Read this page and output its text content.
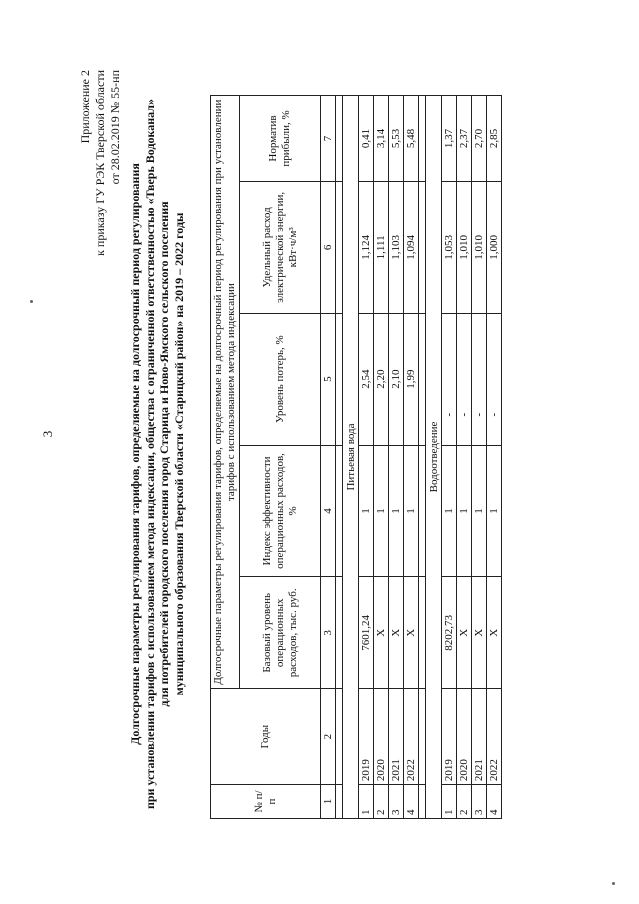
3
Приложение 2 к приказу ГУ РЭК Тверской области от 28.02.2019 № 55-нп
Долгосрочные параметры регулирования тарифов, определяемые на долгосрочный период регулирования при установлении тарифов с использованием метода индексации, общества с ограниченной ответственностью «Тверь Водоканал» для потребителей городского поселения город Старица и Ново-Ямского сельского поселения муниципального образования Тверской области «Старицкий район» на 2019 – 2022 годы
№ п/п	Годы	Долгосрочные параметры регулирования тарифов, определяемые на долгосрочный период регулирования при установлении тарифов с использованием метода индексации				
		Базовый уровень операционных расходов, тыс. руб.	Индекс эффективности операционных расходов, %	Уровень потерь, %	Удельный расход электрической энергии, кВт·ч/м³	Норматив прибыли, %
1	2	3	4	5	6	7

Питьевая вода						
1	2019	7601,24	1	2,54	1,124	0,41
2	2020	Х	1	2,20	1,111	3,14
3	2021	Х	1	2,10	1,103	5,53
4	2022	Х	1	1,99	1,094	5,48

Водоотведение						
1	2019	8202,73	1	-	1,053	1,37
2	2020	Х	1	-	1,010	2,37
3	2021	Х	1	-	1,010	2,70
4	2022	Х	1	-	1,000	2,85
